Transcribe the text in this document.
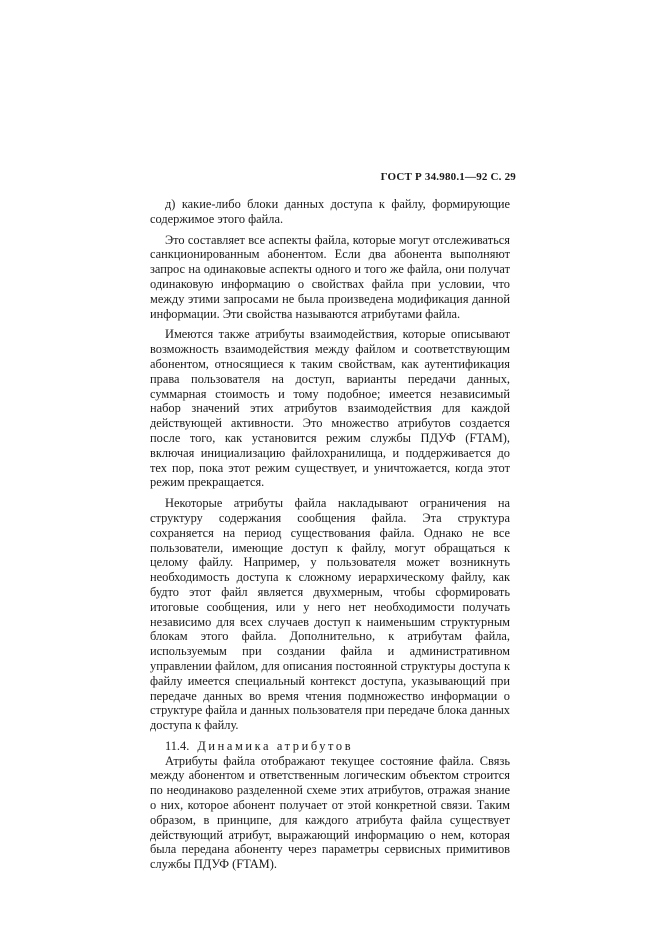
ГОСТ Р 34.980.1—92 С. 29

д) какие-либо блоки данных доступа к файлу, формирующие содержимое этого файла.

Это составляет все аспекты файла, которые могут отслеживаться санкционированным абонентом. Если два абонента выполняют запрос на одинаковые аспекты одного и того же файла, они получат одинаковую информацию о свойствах файла при условии, что между этими запросами не была произведена модификация данной информации. Эти свойства называются атрибутами файла.

Имеются также атрибуты взаимодействия, которые описывают возможность взаимодействия между файлом и соответствующим абонентом, относящиеся к таким свойствам, как аутентификация права пользователя на доступ, варианты передачи данных, суммарная стоимость и тому подобное; имеется независимый набор значений этих атрибутов взаимодействия для каждой действующей активности. Это множество атрибутов создается после того, как установится режим службы ПДУФ (FTAM), включая инициализацию файлохранилища, и поддерживается до тех пор, пока этот режим существует, и уничтожается, когда этот режим прекращается.

Некоторые атрибуты файла накладывают ограничения на структуру содержания сообщения файла. Эта структура сохраняется на период существования файла. Однако не все пользователи, имеющие доступ к файлу, могут обращаться к целому файлу. Например, у пользователя может возникнуть необходимость доступа к сложному иерархическому файлу, как будто этот файл является двухмерным, чтобы сформировать итоговые сообщения, или у него нет необходимости получать независимо для всех случаев доступ к наименьшим структурным блокам этого файла. Дополнительно, к атрибутам файла, используемым при создании файла и административном управлении файлом, для описания постоянной структуры доступа к файлу имеется специальный контекст доступа, указывающий при передаче данных во время чтения подмножество информации о структуре файла и данных пользователя при передаче блока данных доступа к файлу.

11.4. Динамика атрибутов

Атрибуты файла отображают текущее состояние файла. Связь между абонентом и ответственным логическим объектом строится по неодинаково разделенной схеме этих атрибутов, отражая знание о них, которое абонент получает от этой конкретной связи. Таким образом, в принципе, для каждого атрибута файла существует действующий атрибут, выражающий информацию о нем, которая была передана абоненту через параметры сервисных примитивов службы ПДУФ (FTAM).
